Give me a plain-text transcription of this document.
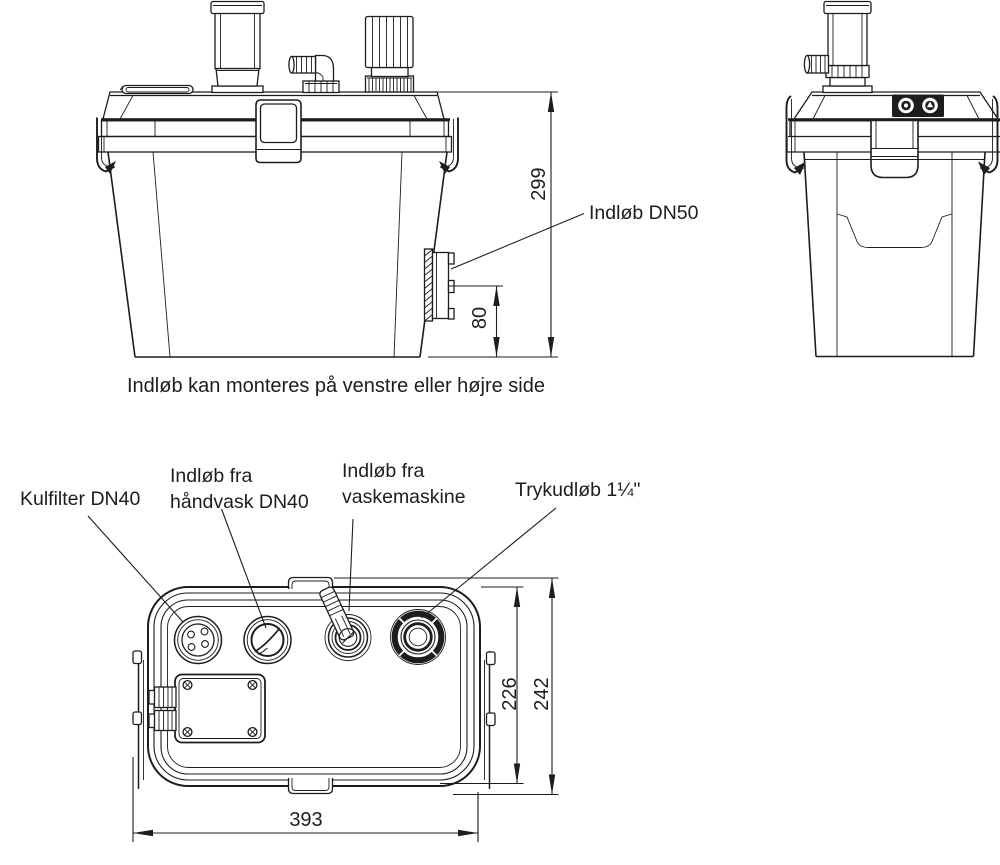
Indløb DN50
299
80
Indløb kan monteres på venstre eller højre side
Kulfilter DN40
Indløb fra
håndvask DN40
Indløb fra
vaskemaskine	Trykudløb 1¼"
226 242
393
